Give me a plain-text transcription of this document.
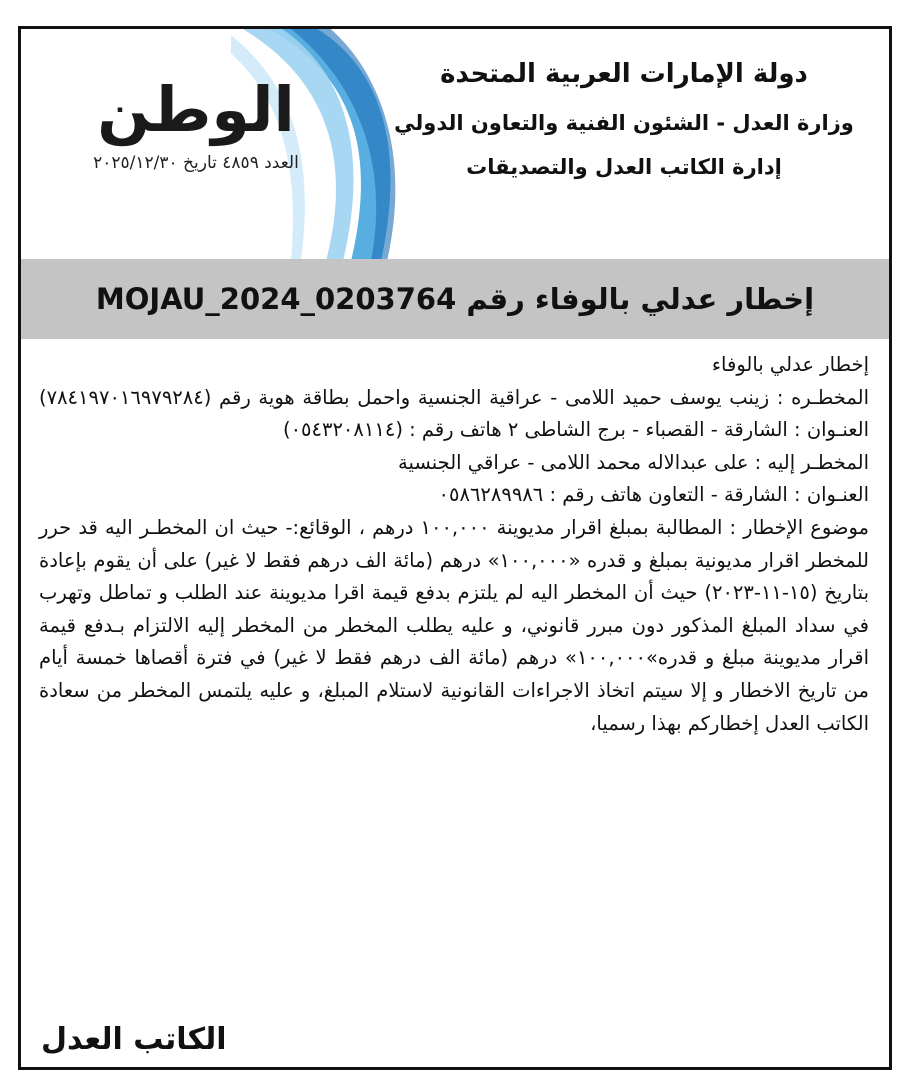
الوطن
العدد ٤٨٥٩ تاريخ ٢٠٢٥/١٢/٣٠
دولة الإمارات العربية المتحدة
وزارة العدل - الشئون الفنية والتعاون الدولي
إدارة الكاتب العدل والتصديقات
إخطار عدلي بالوفاء رقم MOJAU_2024_0203764

إخطار عدلي بالوفاء

المخطـره : زينب يوسف حميد اللامى - عراقية الجنسية واحمل بطاقة هوية رقم (٧٨٤١٩٧٠١٦٩٧٩٢٨٤) العنـوان : الشارقة - القصباء - برج الشاطى ٢ هاتف رقم : (٠٥٤٣٢٠٨١١٤)

المخطـر إليه : على عبدالاله محمد اللامى - عراقي الجنسية

العنـوان : الشارقة - التعاون هاتف رقم : ٠٥٨٦٢٨٩٩٨٦

موضوع الإخطار : المطالبة بمبلغ اقرار مديوينة ١٠٠,٠٠٠ درهم ، الوقائع:- حيث ان المخطـر اليه قد حرر للمخطر اقرار مديونية بمبلغ و قدره «١٠٠,٠٠٠» درهم (مائة الف درهم فقط لا غير) على أن يقوم بإعادة بتاريخ (١٥-١١-٢٠٢٣) حيث أن المخطر اليه لم يلتزم بدفع قيمة اقرا مديوينة عند الطلب و تماطل وتهرب في سداد المبلغ المذكور دون مبرر قانوني، و عليه يطلب المخطر من المخطر إليه الالتزام بـدفع قيمة اقرار مديوينة مبلغ و قدره»١٠٠,٠٠٠» درهم (مائة الف درهم فقط لا غير) في فترة أقصاها خمسة أيام من تاريخ الاخطار و إلا سيتم اتخاذ الاجراءات القانونية لاستلام المبلغ، و عليه يلتمس المخطر من سعادة الكاتب العدل إخطاركم بهذا رسميا،

الكاتب العدل
